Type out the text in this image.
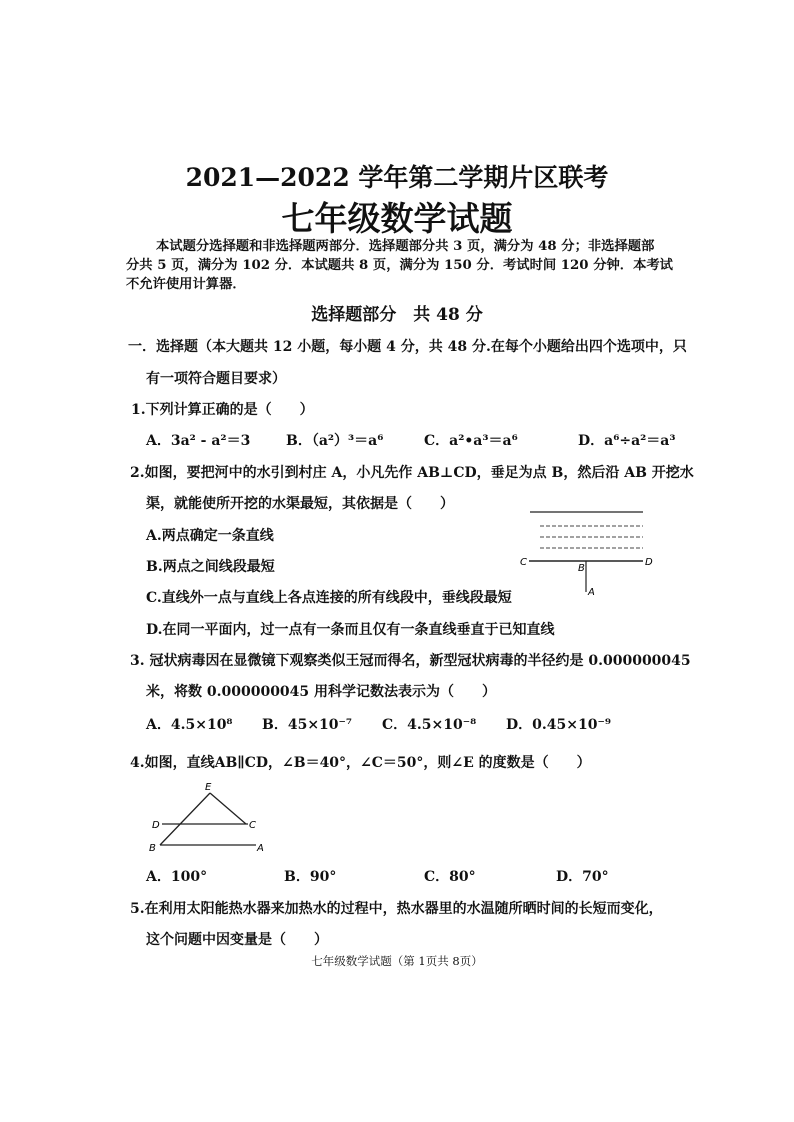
2021—2022 学年第二学期片区联考
七年级数学试题

本试题分选择题和非选择题两部分．选择题部分共 3 页，满分为 48 分；非选择题部

分共 5 页，满分为 102 分．本试题共 8 页，满分为 150 分．考试时间 120 分钟．本考试

不允许使用计算器．

选择题部分　共 48 分
一．选择题（本大题共 12 小题，每小题 4 分，共 48 分.在每个小题给出四个选项中，只
有一项符合题目要求）
1.下列计算正确的是（　　）
A．3a² - a²＝3	B．（a²）³＝a⁶	C．a²•a³＝a⁶	D．a⁶÷a²＝a³
2.如图，要把河中的水引到村庄 A，小凡先作 AB⊥CD，垂足为点 B，然后沿 AB 开挖水
渠，就能使所开挖的水渠最短，其依据是（　　）
A.两点确定一条直线
B.两点之间线段最短
C.直线外一点与直线上各点连接的所有线段中，垂线段最短
D.在同一平面内，过一点有一条而且仅有一条直线垂直于已知直线
C	D
B
A
3. 冠状病毒因在显微镜下观察类似王冠而得名，新型冠状病毒的半径约是 0.000000045
米，将数 0.000000045 用科学记数法表示为（　　）
A．4.5×10⁸ B．45×10⁻⁷ C．4.5×10⁻⁸ D．0.45×10⁻⁹
4.如图，直线AB∥CD，∠B＝40°，∠C＝50°，则∠E 的度数是（　　）
E
D	C
B	A
A．100°	B．90°	C．80°	D．70°
5.在利用太阳能热水器来加热水的过程中，热水器里的水温随所晒时间的长短而变化，
这个问题中因变量是（　　）
七年级数学试题（第 1页共 8页）
